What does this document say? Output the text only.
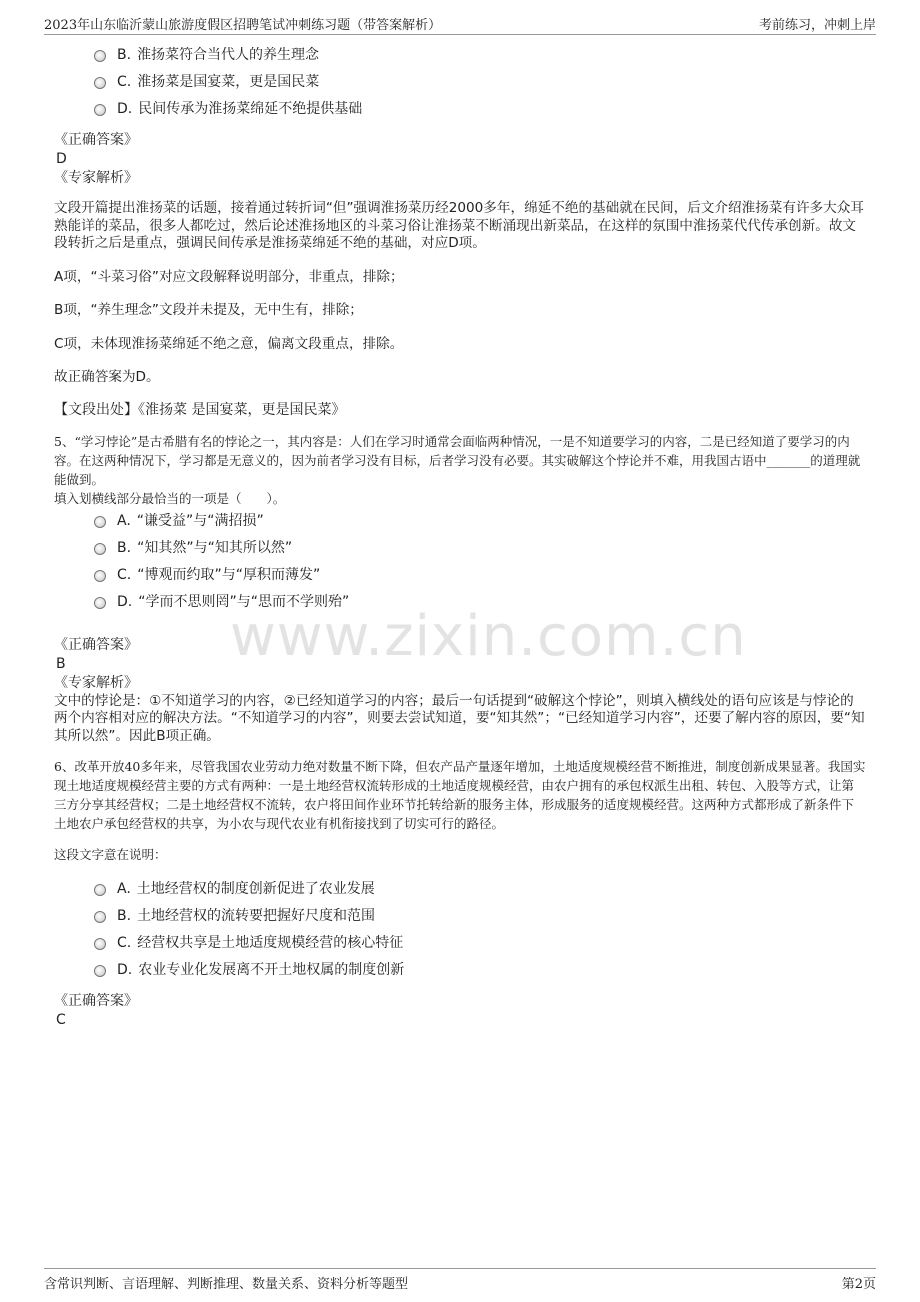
2023年山东临沂蒙山旅游度假区招聘笔试冲刺练习题（带答案解析）	考前练习，冲刺上岸
www.zixin.com.cn
B. 淮扬菜符合当代人的养生理念
C. 淮扬菜是国宴菜，更是国民菜
D. 民间传承为淮扬菜绵延不绝提供基础
《正确答案》
D
《专家解析》
文段开篇提出淮扬菜的话题，接着通过转折词“但”强调淮扬菜历经2000多年，绵延不绝的基础就在民间，后文介绍淮扬菜有许多大众耳熟能详的菜品，很多人都吃过，然后论述淮扬地区的斗菜习俗让淮扬菜不断涌现出新菜品，在这样的氛围中淮扬菜代代传承创新。故文段转折之后是重点，强调民间传承是淮扬菜绵延不绝的基础，对应D项。
A项，“斗菜习俗”对应文段解释说明部分，非重点，排除；
B项，“养生理念”文段并未提及，无中生有，排除；
C项，未体现淮扬菜绵延不绝之意，偏离文段重点，排除。
故正确答案为D。
【文段出处】《淮扬菜 是国宴菜，更是国民菜》
5、“学习悖论”是古希腊有名的悖论之一，其内容是：人们在学习时通常会面临两种情况，一是不知道要学习的内容，二是已经知道了要学习的内容。在这两种情况下，学习都是无意义的，因为前者学习没有目标，后者学习没有必要。其实破解这个悖论并不难，用我国古语中_______的道理就能做到。
填入划横线部分最恰当的一项是（　　）。
A. “谦受益”与“满招损”
B. “知其然”与“知其所以然”
C. “博观而约取”与“厚积而薄发”
D. “学而不思则罔”与“思而不学则殆”
《正确答案》
B
《专家解析》
文中的悖论是：①不知道学习的内容，②已经知道学习的内容；最后一句话提到“破解这个悖论”，则填入横线处的语句应该是与悖论的两个内容相对应的解决方法。“不知道学习的内容”，则要去尝试知道，要“知其然”；“已经知道学习内容”，还要了解内容的原因，要“知其所以然”。因此B项正确。
6、改革开放40多年来，尽管我国农业劳动力绝对数量不断下降，但农产品产量逐年增加，土地适度规模经营不断推进，制度创新成果显著。我国实现土地适度规模经营主要的方式有两种：一是土地经营权流转形成的土地适度规模经营，由农户拥有的承包权派生出租、转包、入股等方式，让第三方分享其经营权；二是土地经营权不流转，农户将田间作业环节托转给新的服务主体，形成服务的适度规模经营。这两种方式都形成了新条件下土地农户承包经营权的共享，为小农与现代农业有机衔接找到了切实可行的路径。
这段文字意在说明：
A. 土地经营权的制度创新促进了农业发展
B. 土地经营权的流转要把握好尺度和范围
C. 经营权共享是土地适度规模经营的核心特征
D. 农业专业化发展离不开土地权属的制度创新
《正确答案》
C
含常识判断、言语理解、判断推理、数量关系、资料分析等题型	第2页
